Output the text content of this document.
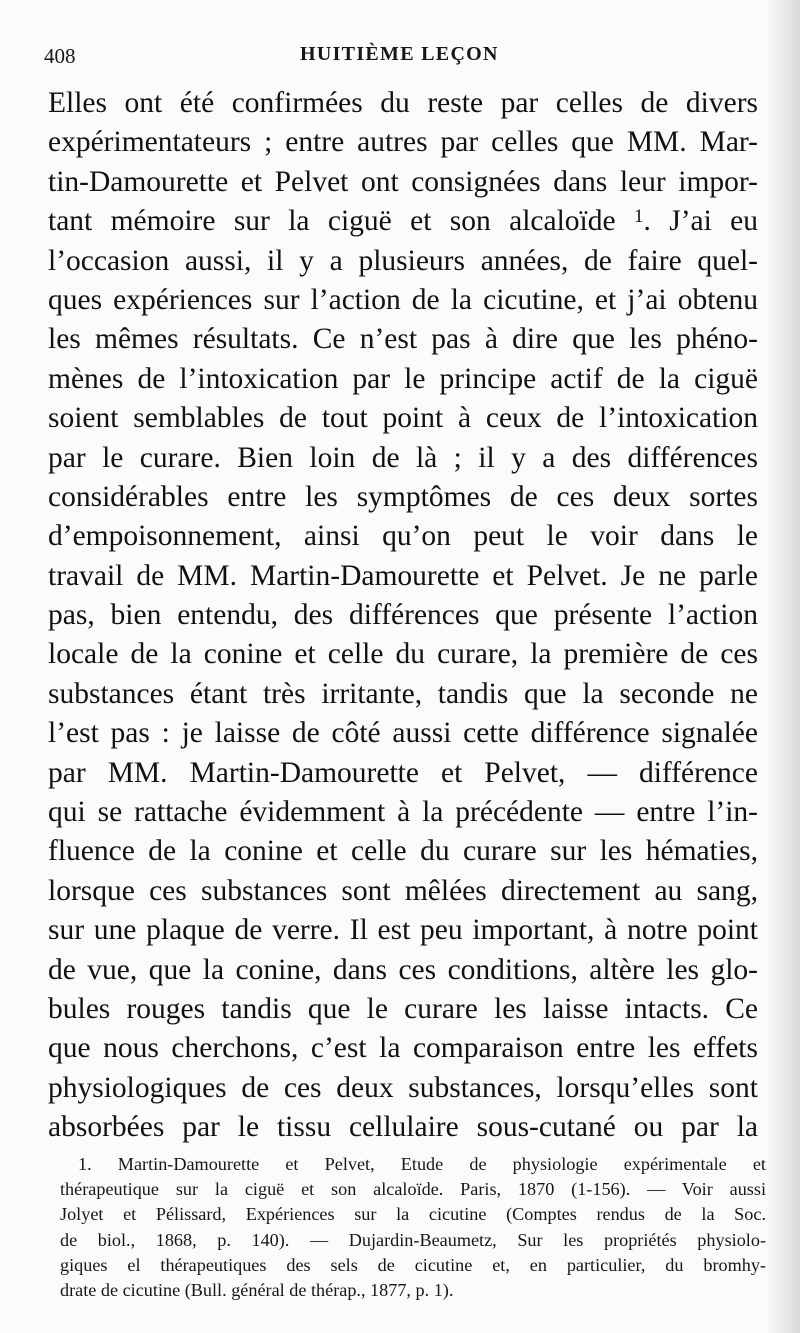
408	HUITIÈME LEÇON
Elles ont été confirmées du reste par celles de divers
expérimentateurs ; entre autres par celles que MM. Mar-
tin-Damourette et Pelvet ont consignées dans leur impor-
tant mémoire sur la ciguë et son alcaloïde $^1$. J’ai eu
l’occasion aussi, il y a plusieurs années, de faire quel-
ques expériences sur l’action de la cicutine, et j’ai obtenu
les mêmes résultats. Ce n’est pas à dire que les phéno-
mènes de l’intoxication par le principe actif de la ciguë
soient semblables de tout point à ceux de l’intoxication
par le curare. Bien loin de là ; il y a des différences
considérables entre les symptômes de ces deux sortes
d’empoisonnement, ainsi qu’on peut le voir dans le
travail de MM. Martin-Damourette et Pelvet. Je ne parle
pas, bien entendu, des différences que présente l’action
locale de la conine et celle du curare, la première de ces
substances étant très irritante, tandis que la seconde ne
l’est pas : je laisse de côté aussi cette différence signalée
par MM. Martin-Damourette et Pelvet, — différence
qui se rattache évidemment à la précédente — entre l’in-
fluence de la conine et celle du curare sur les hématies,
lorsque ces substances sont mêlées directement au sang,
sur une plaque de verre. Il est peu important, à notre point
de vue, que la conine, dans ces conditions, altère les glo-
bules rouges tandis que le curare les laisse intacts. Ce
que nous cherchons, c’est la comparaison entre les effets
physiologiques de ces deux substances, lorsqu’elles sont
absorbées par le tissu cellulaire sous-cutané ou par la
1. Martin-Damourette et Pelvet, Etude de physiologie expérimentale et
thérapeutique sur la ciguë et son alcaloïde. Paris, 1870 (1-156). — Voir aussi
Jolyet et Pélissard, Expériences sur la cicutine (Comptes rendus de la Soc.
de biol., 1868, p. 140). — Dujardin-Beaumetz, Sur les propriétés physiolo-
giques el thérapeutiques des sels de cicutine et, en particulier, du bromhy-
drate de cicutine (Bull. général de thérap., 1877, p. 1).
